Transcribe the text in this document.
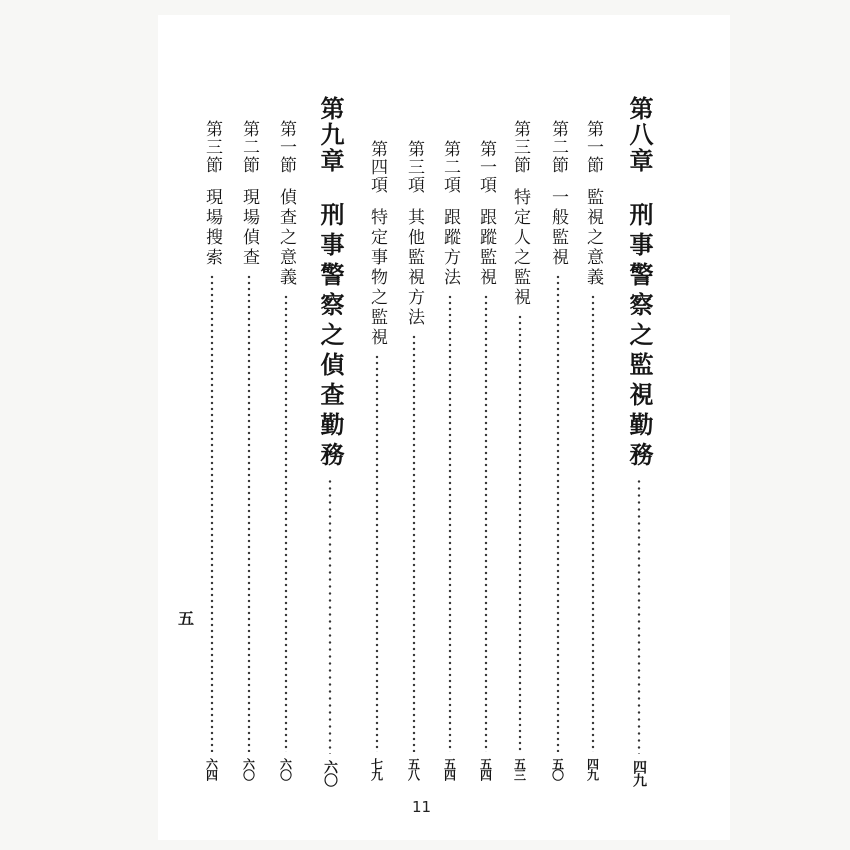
第八章
刑事警察之監視勤務
四九
第一節
監視之意義
四九
第二節
一般監視
五〇
第三節
特定人之監視
五三
第一項
跟蹤監視
五四
第二項
跟蹤方法
五四
第三項
其他監視方法
五八
第四項
特定事物之監視
七九
第九章
刑事警察之偵查勤務
六〇
第一節
偵查之意義
六〇
第二節
現場偵查
六〇
第三節
現場搜索
六四
五
11
